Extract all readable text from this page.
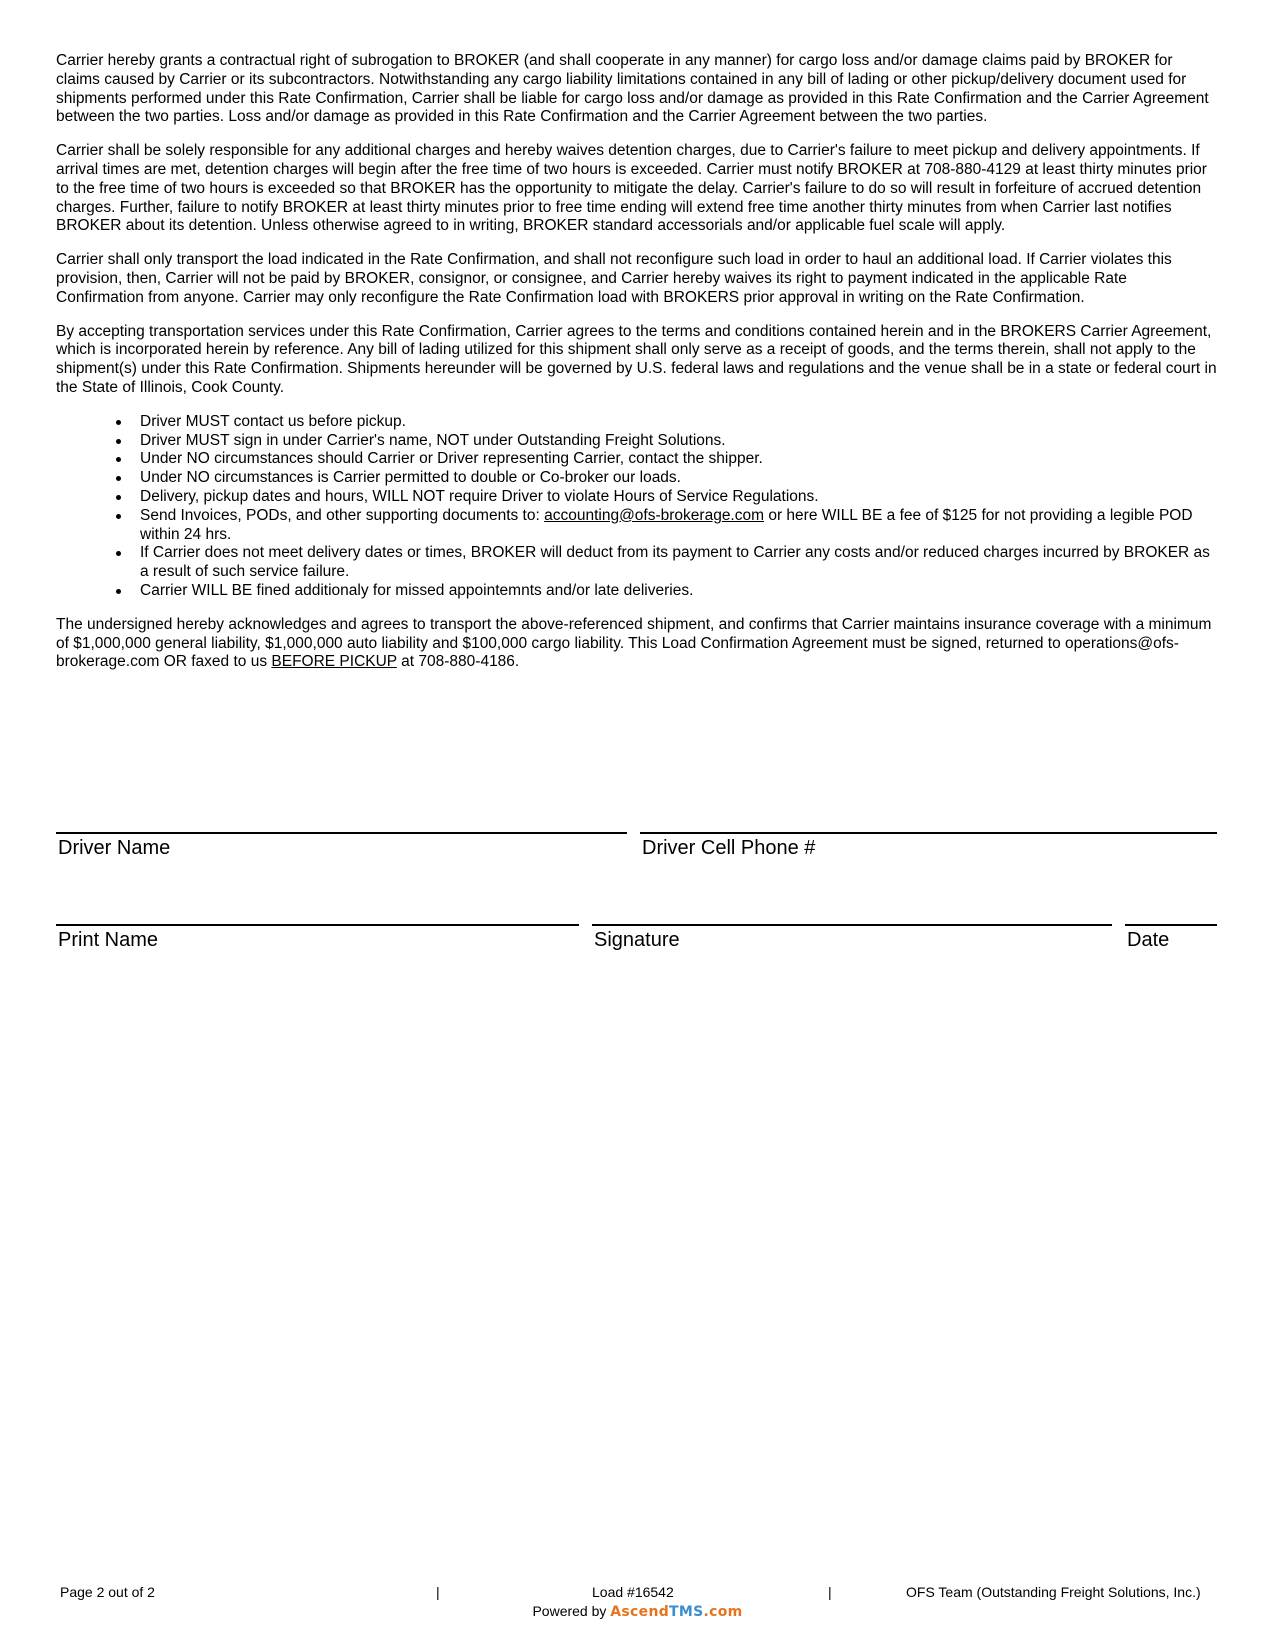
Carrier hereby grants a contractual right of subrogation to BROKER (and shall cooperate in any manner) for cargo loss and/or damage claims paid by BROKER for claims caused by Carrier or its subcontractors. Notwithstanding any cargo liability limitations contained in any bill of lading or other pickup/delivery document used for shipments performed under this Rate Confirmation, Carrier shall be liable for cargo loss and/or damage as provided in this Rate Confirmation and the Carrier Agreement between the two parties. Loss and/or damage as provided in this Rate Confirmation and the Carrier Agreement between the two parties.

Carrier shall be solely responsible for any additional charges and hereby waives detention charges, due to Carrier's failure to meet pickup and delivery appointments. If arrival times are met, detention charges will begin after the free time of two hours is exceeded. Carrier must notify BROKER at 708-880-4129 at least thirty minutes prior to the free time of two hours is exceeded so that BROKER has the opportunity to mitigate the delay. Carrier's failure to do so will result in forfeiture of accrued detention charges. Further, failure to notify BROKER at least thirty minutes prior to free time ending will extend free time another thirty minutes from when Carrier last notifies BROKER about its detention. Unless otherwise agreed to in writing, BROKER standard accessorials and/or applicable fuel scale will apply.

Carrier shall only transport the load indicated in the Rate Confirmation, and shall not reconfigure such load in order to haul an additional load. If Carrier violates this provision, then, Carrier will not be paid by BROKER, consignor, or consignee, and Carrier hereby waives its right to payment indicated in the applicable Rate Confirmation from anyone. Carrier may only reconfigure the Rate Confirmation load with BROKERS prior approval in writing on the Rate Confirmation.

By accepting transportation services under this Rate Confirmation, Carrier agrees to the terms and conditions contained herein and in the BROKERS Carrier Agreement, which is incorporated herein by reference. Any bill of lading utilized for this shipment shall only serve as a receipt of goods, and the terms therein, shall not apply to the shipment(s) under this Rate Confirmation. Shipments hereunder will be governed by U.S. federal laws and regulations and the venue shall be in a state or federal court in the State of Illinois, Cook County.

Driver MUST contact us before pickup.
Driver MUST sign in under Carrier's name, NOT under Outstanding Freight Solutions.
Under NO circumstances should Carrier or Driver representing Carrier, contact the shipper.
Under NO circumstances is Carrier permitted to double or Co-broker our loads.
Delivery, pickup dates and hours, WILL NOT require Driver to violate Hours of Service Regulations.
Send Invoices, PODs, and other supporting documents to: accounting@ofs-brokerage.com or here WILL BE a fee of $125 for not providing a legible POD within 24 hrs.
If Carrier does not meet delivery dates or times, BROKER will deduct from its payment to Carrier any costs and/or reduced charges incurred by BROKER as a result of such service failure.
Carrier WILL BE fined additionaly for missed appointemnts and/or late deliveries.

The undersigned hereby acknowledges and agrees to transport the above-referenced shipment, and confirms that Carrier maintains insurance coverage with a minimum of $1,000,000 general liability, $1,000,000 auto liability and $100,000 cargo liability. This Load Confirmation Agreement must be signed, returned to operations@ofs-brokerage.com OR faxed to us BEFORE PICKUP at 708-880-4186.

Driver Name	Driver Cell Phone #
Print Name	Signature	Date
Page 2 out of 2	|	Load #16542	|	OFS Team (Outstanding Freight Solutions, Inc.)
Powered by AscendTMS.com
